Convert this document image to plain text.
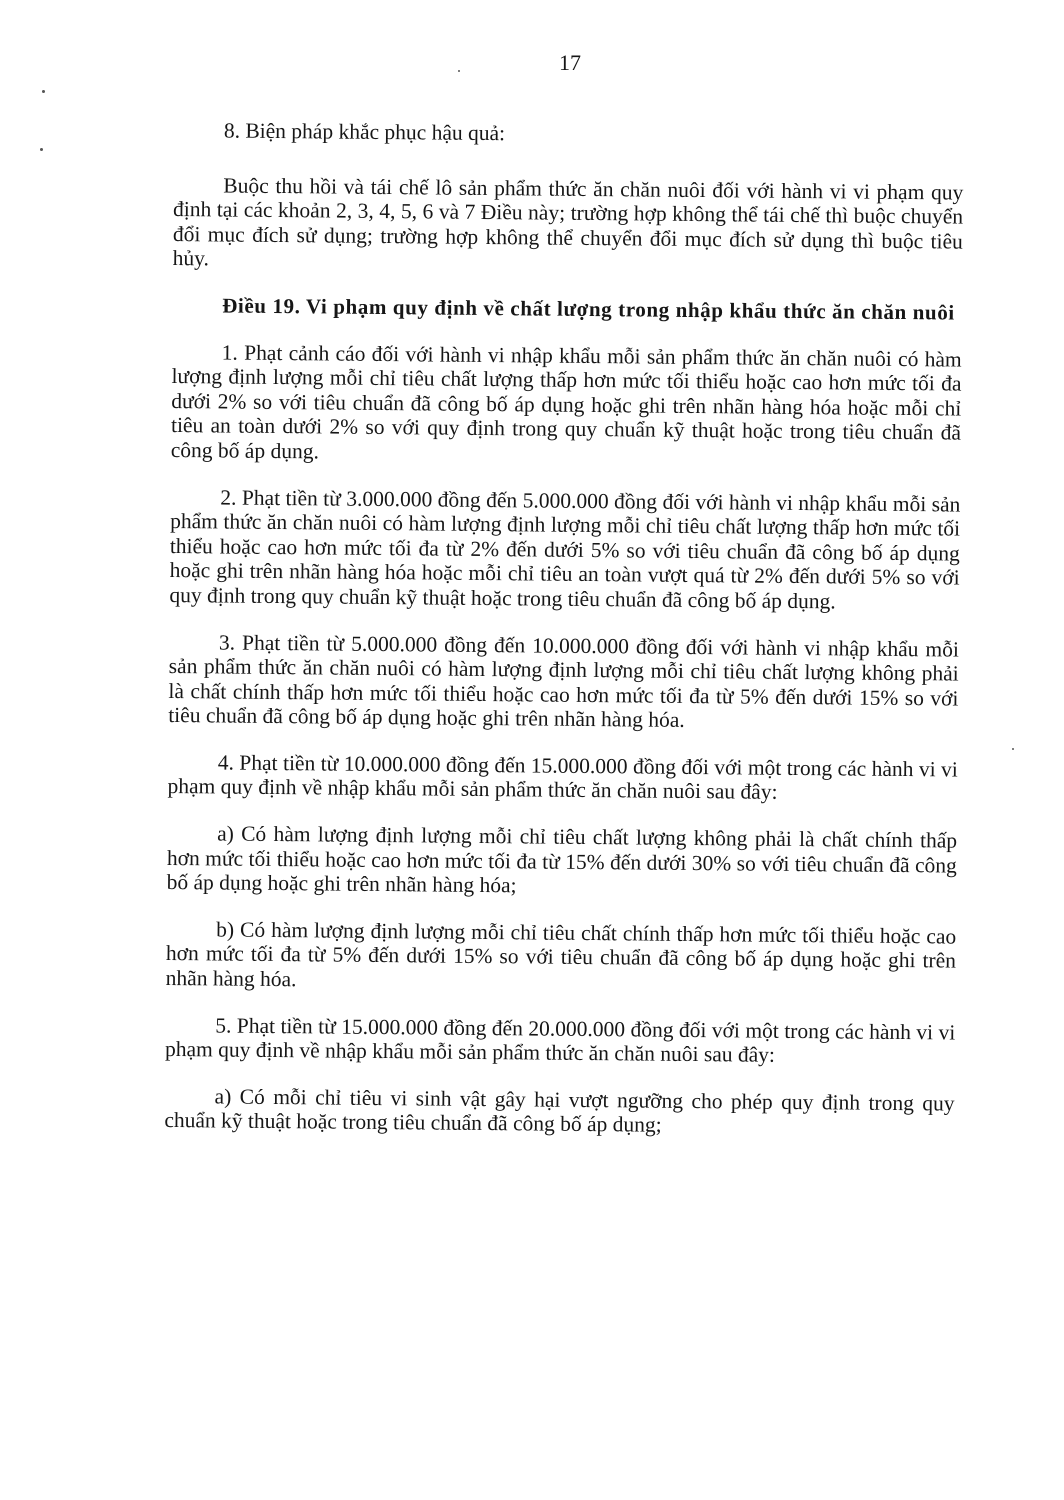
17

8. Biện pháp khắc phục hậu quả:

Buộc thu hồi và tái chế lô sản phẩm thức ăn chăn nuôi đối với hành vi vi phạm quy định tại các khoản 2, 3, 4, 5, 6 và 7 Điều này; trường hợp không thể tái chế thì buộc chuyển đổi mục đích sử dụng; trường hợp không thể chuyển đổi mục đích sử dụng thì buộc tiêu hủy.

Điều 19. Vi phạm quy định về chất lượng trong nhập khẩu thức ăn chăn nuôi

1. Phạt cảnh cáo đối với hành vi nhập khẩu mỗi sản phẩm thức ăn chăn nuôi có hàm lượng định lượng mỗi chỉ tiêu chất lượng thấp hơn mức tối thiểu hoặc cao hơn mức tối đa dưới 2% so với tiêu chuẩn đã công bố áp dụng hoặc ghi trên nhãn hàng hóa hoặc mỗi chỉ tiêu an toàn dưới 2% so với quy định trong quy chuẩn kỹ thuật hoặc trong tiêu chuẩn đã công bố áp dụng.

2. Phạt tiền từ 3.000.000 đồng đến 5.000.000 đồng đối với hành vi nhập khẩu mỗi sản phẩm thức ăn chăn nuôi có hàm lượng định lượng mỗi chỉ tiêu chất lượng thấp hơn mức tối thiểu hoặc cao hơn mức tối đa từ 2% đến dưới 5% so với tiêu chuẩn đã công bố áp dụng hoặc ghi trên nhãn hàng hóa hoặc mỗi chỉ tiêu an toàn vượt quá từ 2% đến dưới 5% so với quy định trong quy chuẩn kỹ thuật hoặc trong tiêu chuẩn đã công bố áp dụng.

3. Phạt tiền từ 5.000.000 đồng đến 10.000.000 đồng đối với hành vi nhập khẩu mỗi sản phẩm thức ăn chăn nuôi có hàm lượng định lượng mỗi chỉ tiêu chất lượng không phải là chất chính thấp hơn mức tối thiểu hoặc cao hơn mức tối đa từ 5% đến dưới 15% so với tiêu chuẩn đã công bố áp dụng hoặc ghi trên nhãn hàng hóa.

4. Phạt tiền từ 10.000.000 đồng đến 15.000.000 đồng đối với một trong các hành vi vi phạm quy định về nhập khẩu mỗi sản phẩm thức ăn chăn nuôi sau đây:

a) Có hàm lượng định lượng mỗi chỉ tiêu chất lượng không phải là chất chính thấp hơn mức tối thiểu hoặc cao hơn mức tối đa từ 15% đến dưới 30% so với tiêu chuẩn đã công bố áp dụng hoặc ghi trên nhãn hàng hóa;

b) Có hàm lượng định lượng mỗi chỉ tiêu chất chính thấp hơn mức tối thiểu hoặc cao hơn mức tối đa từ 5% đến dưới 15% so với tiêu chuẩn đã công bố áp dụng hoặc ghi trên nhãn hàng hóa.

5. Phạt tiền từ 15.000.000 đồng đến 20.000.000 đồng đối với một trong các hành vi vi phạm quy định về nhập khẩu mỗi sản phẩm thức ăn chăn nuôi sau đây:

a) Có mỗi chỉ tiêu vi sinh vật gây hại vượt ngưỡng cho phép quy định trong quy chuẩn kỹ thuật hoặc trong tiêu chuẩn đã công bố áp dụng;
